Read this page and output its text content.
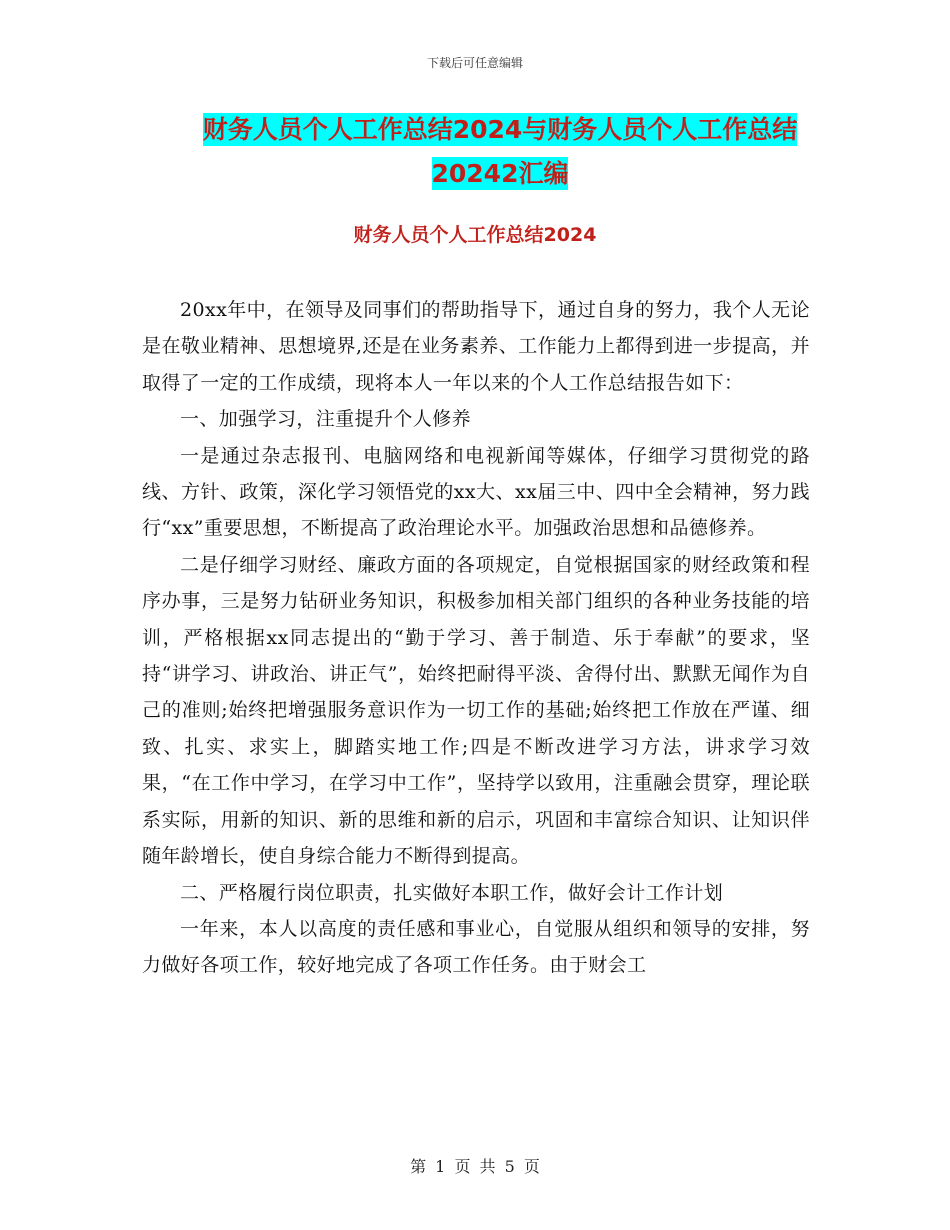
下载后可任意编辑
财务人员个人工作总结2024与财务人员个人工作总结
20242汇编
财务人员个人工作总结2024

20xx年中，在领导及同事们的帮助指导下，通过自身的努力，我个人无论是在敬业精神、思想境界,还是在业务素养、工作能力上都得到进一步提高，并取得了一定的工作成绩，现将本人一年以来的个人工作总结报告如下：

一、加强学习，注重提升个人修养

一是通过杂志报刊、电脑网络和电视新闻等媒体，仔细学习贯彻党的路线、方针、政策，深化学习领悟党的xx大、xx届三中、四中全会精神，努力践行“xx”重要思想，不断提高了政治理论水平。加强政治思想和品德修养。

二是仔细学习财经、廉政方面的各项规定，自觉根据国家的财经政策和程序办事，三是努力钻研业务知识，积极参加相关部门组织的各种业务技能的培训，严格根据xx同志提出的“勤于学习、善于制造、乐于奉献”的要求，坚持“讲学习、讲政治、讲正气”，始终把耐得平淡、舍得付出、默默无闻作为自己的准则;始终把增强服务意识作为一切工作的基础;始终把工作放在严谨、细致、扎实、求实上，脚踏实地工作;四是不断改进学习方法，讲求学习效果，“在工作中学习，在学习中工作”，坚持学以致用，注重融会贯穿，理论联系实际，用新的知识、新的思维和新的启示，巩固和丰富综合知识、让知识伴随年龄增长，使自身综合能力不断得到提高。

二、严格履行岗位职责，扎实做好本职工作，做好会计工作计划

一年来，本人以高度的责任感和事业心，自觉服从组织和领导的安排，努力做好各项工作，较好地完成了各项工作任务。由于财会工

第 1 页 共 5 页
